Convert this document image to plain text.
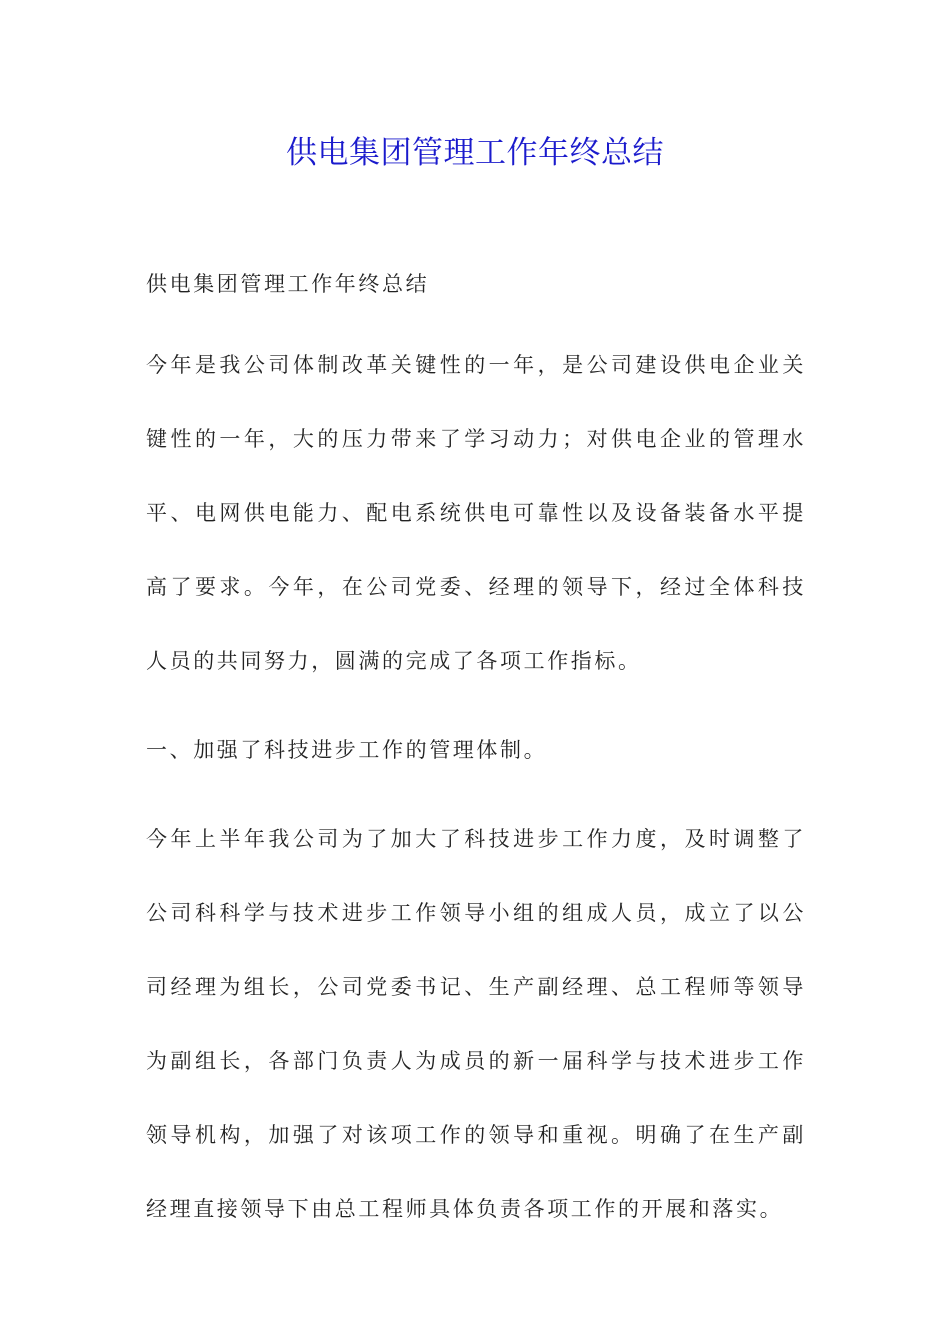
供电集团管理工作年终总结

供电集团管理工作年终总结

今年是我公司体制改革关键性的一年，是公司建设供电企业关键性的一年，大的压力带来了学习动力；对供电企业的管理水平、电网供电能力、配电系统供电可靠性以及设备装备水平提高了要求。今年，在公司党委、经理的领导下，经过全体科技人员的共同努力，圆满的完成了各项工作指标。

一、加强了科技进步工作的管理体制。

今年上半年我公司为了加大了科技进步工作力度，及时调整了公司科科学与技术进步工作领导小组的组成人员，成立了以公司经理为组长，公司党委书记、生产副经理、总工程师等领导为副组长，各部门负责人为成员的新一届科学与技术进步工作领导机构，加强了对该项工作的领导和重视。明确了在生产副经理直接领导下由总工程师具体负责各项工作的开展和落实。
